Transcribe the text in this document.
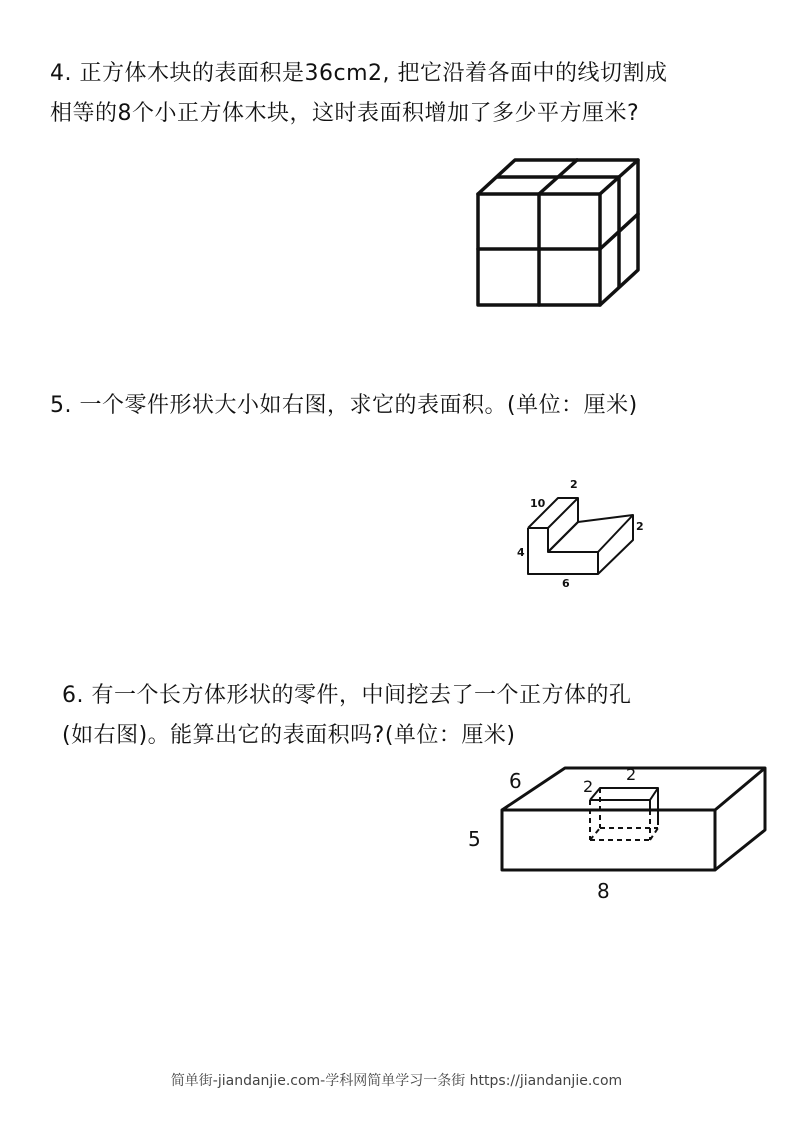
4. 正方体木块的表面积是36cm2, 把它沿着各面中的线切割成
相等的8个小正方体木块，这时表面积增加了多少平方厘米?
5. 一个零件形状大小如右图，求它的表面积。(单位：厘米)
2
10
2
4
6
6. 有一个长方体形状的零件，中间挖去了一个正方体的孔
(如右图)。能算出它的表面积吗?(单位：厘米)
6	2
2
5
8
简单街-jiandanjie.com-学科网简单学习一条街 https://jiandanjie.com
